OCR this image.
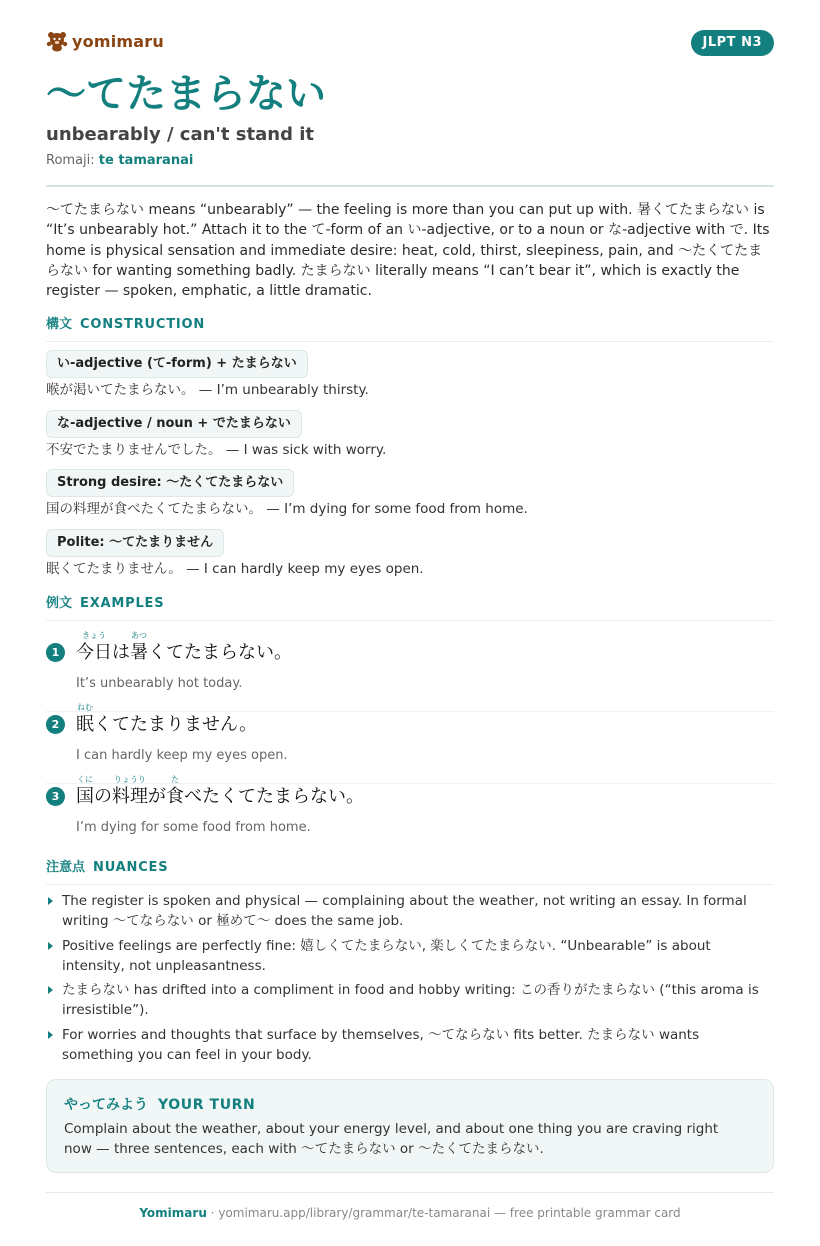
yomimaru	JLPT N3
〜てたまらない
unbearably / can't stand it
Romaji: te tamaranai

〜てたまらない means “unbearably” — the feeling is more than you can put up with. 暑くてたまらない is “It’s unbearably hot.” Attach it to the て-form of an い-adjective, or to a noun or な-adjective with で. Its home is physical sensation and immediate desire: heat, cold, thirst, sleepiness, pain, and 〜たくてたまらない for wanting something badly. たまらない literally means “I can’t bear it”, which is exactly the register — spoken, emphatic, a little dramatic.

構文 CONSTRUCTION
い-adjective (て-form) + たまらない
喉が渇いてたまらない。 — I’m unbearably thirsty.
な-adjective / noun + でたまらない
不安でたまりませんでした。 — I was sick with worry.
Strong desire: 〜たくてたまらない
国の料理が食べたくてたまらない。 — I’m dying for some food from home.
Polite: 〜てたまりません
眠くてたまりません。 — I can hardly keep my eyes open.
例文 EXAMPLES
1
きょう
今日は
あつ
暑くてたまらない。
It’s unbearably hot today.
2
ねむ
眠くてたまりません。
I can hardly keep my eyes open.
3
くに
国の
りょうり
料理が
た
食べたくてたまらない。
I’m dying for some food from home.
注意点 NUANCES
The register is spoken and physical — complaining about the weather, not writing an essay. In formal writing 〜てならない or 極めて〜 does the same job.
Positive feelings are perfectly fine: 嬉しくてたまらない, 楽しくてたまらない. “Unbearable” is about intensity, not unpleasantness.
たまらない has drifted into a compliment in food and hobby writing: この香りがたまらない (“this aroma is irresistible”).
For worries and thoughts that surface by themselves, 〜てならない fits better. たまらない wants something you can feel in your body.
やってみよう YOUR TURN

Complain about the weather, about your energy level, and about one thing you are craving right now — three sentences, each with 〜てたまらない or 〜たくてたまらない.

Yomimaru · yomimaru.app/library/grammar/te-tamaranai — free printable grammar card
